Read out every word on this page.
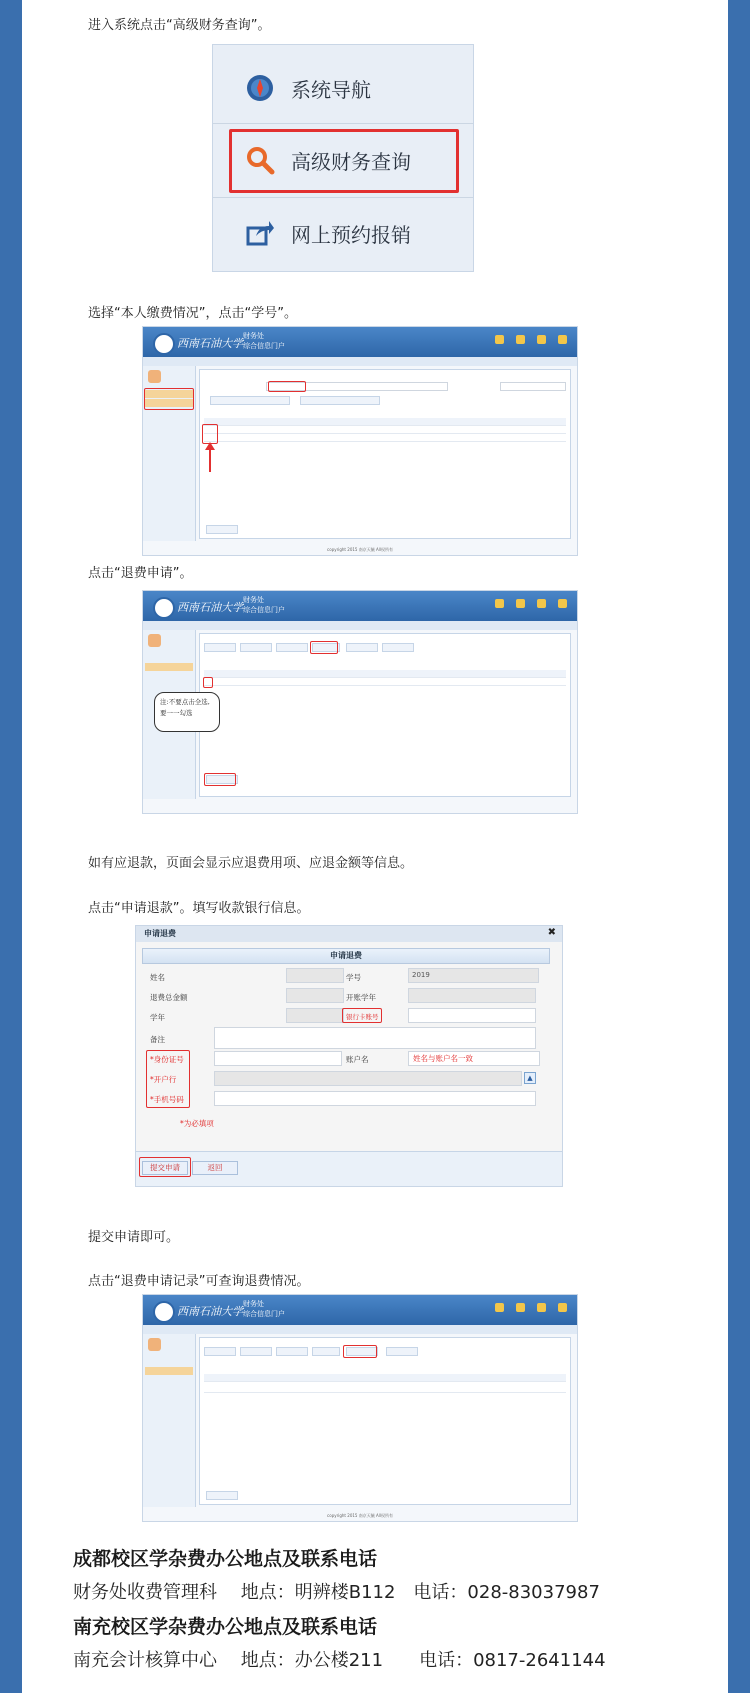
进入系统点击“高级财务查询”。
系统导航
高级财务查询
网上预约报销
选择“本人缴费情况”，点击“学号”。
西南石油大学
财务处
综合信息门户

copyright 2015 南京天毓 All权所有
点击“退费申请”。
西南石油大学
财务处
综合信息门户

注:不要点击全选,要一一勾选
如有应退款，页面会显示应退费用项、应退金额等信息。
点击“申请退款”。填写收款银行信息。
申请退费	✖
申请退费
姓名	学号	2019
退费总金额	开账学年
学年	银行卡账号
备注
*身份证号	账户名	姓名与账户名一致
*开户行	▲
*手机号码
*为必填项
提交申请	返回
提交申请即可。
点击“退费申请记录”可查询退费情况。
西南石油大学
财务处
综合信息门户

copyright 2015 南京天毓 All权所有
成都校区学杂费办公地点及联系电话
财务处收费管理科　 地点：明辨楼B112　电话：028-83037987
南充校区学杂费办公地点及联系电话
南充会计核算中心　 地点：办公楼211　　电话：0817-2641144
